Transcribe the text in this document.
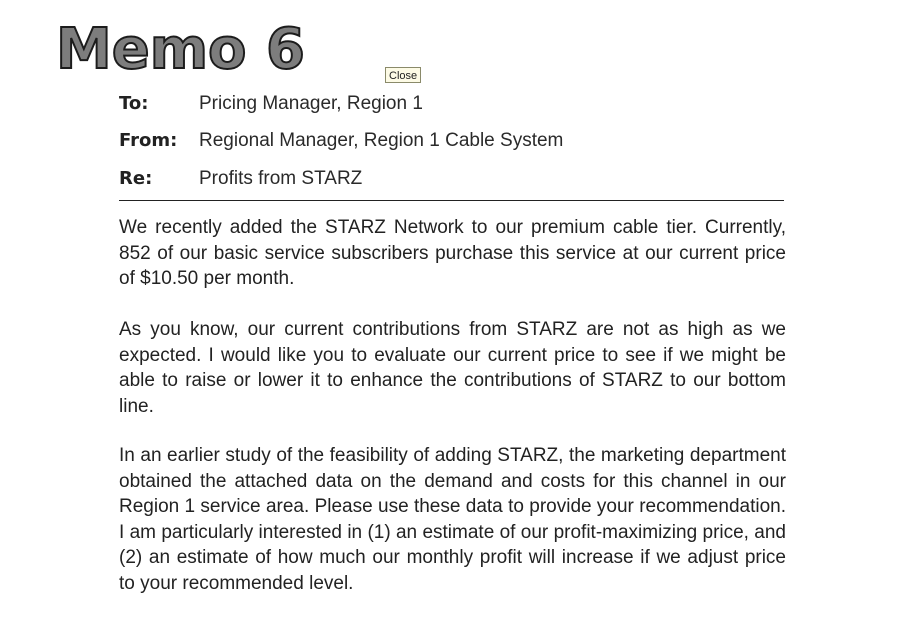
Memo 6	Close
To:	Pricing Manager, Region 1
From: Regional Manager, Region 1 Cable System
Re: Profits from STARZ

We recently added the STARZ Network to our premium cable tier. Currently, 852 of our basic service subscribers purchase this service at our current price of $10.50 per month.

As you know, our current contributions from STARZ are not as high as we expected. I would like you to evaluate our current price to see if we might be able to raise or lower it to enhance the contributions of STARZ to our bottom line.

In an earlier study of the feasibility of adding STARZ, the marketing department obtained the attached data on the demand and costs for this channel in our Region 1 service area. Please use these data to provide your recommendation. I am particularly interested in (1) an estimate of our profit-maximizing price, and (2) an estimate of how much our monthly profit will increase if we adjust price to your recommended level.
